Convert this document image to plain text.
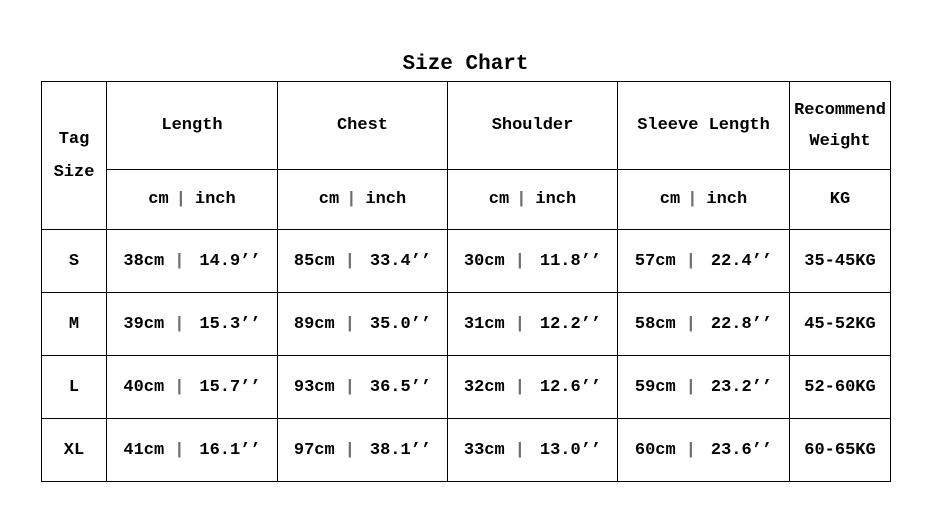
Size Chart
Tag
Size	Length	Chest	Shoulder	Sleeve Length	Recommend
Weight

	cm | inch	cm | inch	cm | inch	cm | inch	KG
S	38cm | 14.9’’	85cm | 33.4’’	30cm | 11.8’’	57cm | 22.4’’	35-45KG
M	39cm | 15.3’’	89cm | 35.0’’	31cm | 12.2’’	58cm | 22.8’’	45-52KG
L	40cm | 15.7’’	93cm | 36.5’’	32cm | 12.6’’	59cm | 23.2’’	52-60KG
XL	41cm | 16.1’’	97cm | 38.1’’	33cm | 13.0’’	60cm | 23.6’’	60-65KG
